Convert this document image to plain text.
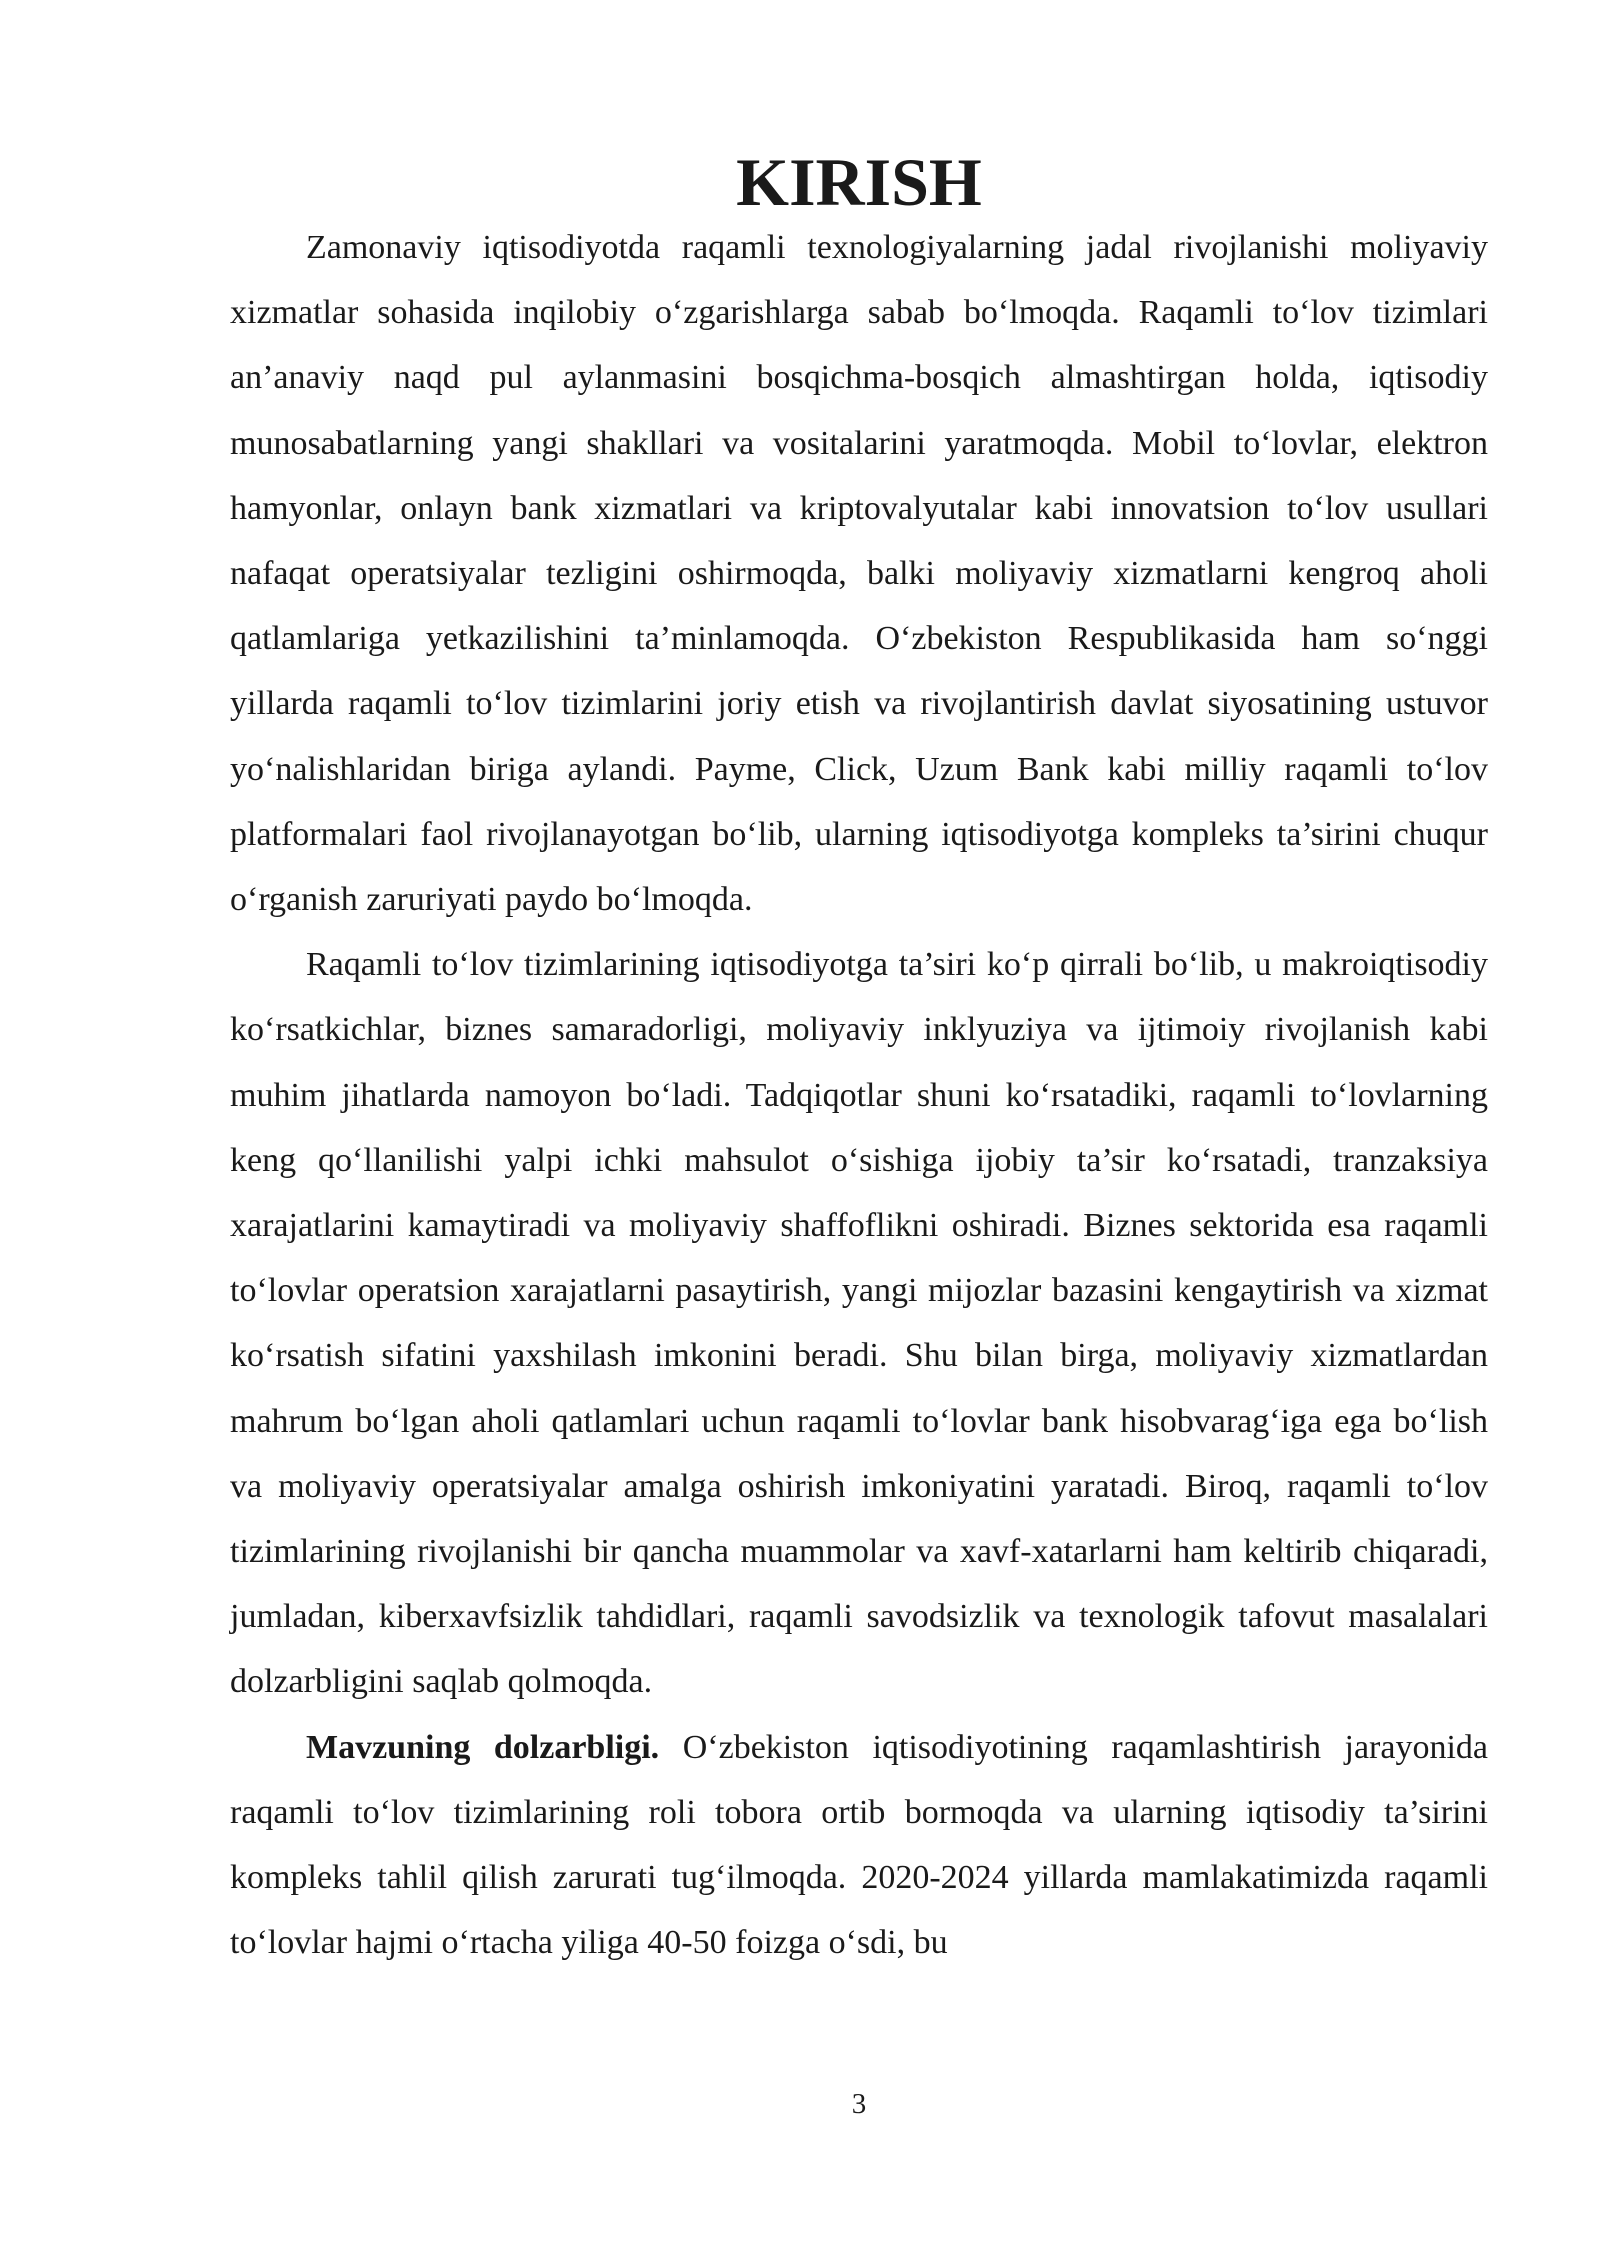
KIRISH

Zamonaviy iqtisodiyotda raqamli texnologiyalarning jadal rivojlanishi moliyaviy xizmatlar sohasida inqilobiy o‘zgarishlarga sabab bo‘lmoqda. Raqamli to‘lov tizimlari an’anaviy naqd pul aylanmasini bosqichma-bosqich almashtirgan holda, iqtisodiy munosabatlarning yangi shakllari va vositalarini yaratmoqda. Mobil to‘lovlar, elektron hamyonlar, onlayn bank xizmatlari va kriptovalyutalar kabi innovatsion to‘lov usullari nafaqat operatsiyalar tezligini oshirmoqda, balki moliyaviy xizmatlarni kengroq aholi qatlamlariga yetkazilishini ta’minlamoqda. O‘zbekiston Respublikasida ham so‘nggi yillarda raqamli to‘lov tizimlarini joriy etish va rivojlantirish davlat siyosatining ustuvor yo‘nalishlaridan biriga aylandi. Payme, Click, Uzum Bank kabi milliy raqamli to‘lov platformalari faol rivojlanayotgan bo‘lib, ularning iqtisodiyotga kompleks ta’sirini chuqur o‘rganish zaruriyati paydo bo‘lmoqda.

Raqamli to‘lov tizimlarining iqtisodiyotga ta’siri ko‘p qirrali bo‘lib, u makroiqtisodiy ko‘rsatkichlar, biznes samaradorligi, moliyaviy inklyuziya va ijtimoiy rivojlanish kabi muhim jihatlarda namoyon bo‘ladi. Tadqiqotlar shuni ko‘rsatadiki, raqamli to‘lovlarning keng qo‘llanilishi yalpi ichki mahsulot o‘sishiga ijobiy ta’sir ko‘rsatadi, tranzaksiya xarajatlarini kamaytiradi va moliyaviy shaffoflikni oshiradi. Biznes sektorida esa raqamli to‘lovlar operatsion xarajatlarni pasaytirish, yangi mijozlar bazasini kengaytirish va xizmat ko‘rsatish sifatini yaxshilash imkonini beradi. Shu bilan birga, moliyaviy xizmatlardan mahrum bo‘lgan aholi qatlamlari uchun raqamli to‘lovlar bank hisobvarag‘iga ega bo‘lish va moliyaviy operatsiyalar amalga oshirish imkoniyatini yaratadi. Biroq, raqamli to‘lov tizimlarining rivojlanishi bir qancha muammolar va xavf-xatarlarni ham keltirib chiqaradi, jumladan, kiberxavfsizlik tahdidlari, raqamli savodsizlik va texnologik tafovut masalalari dolzarbligini saqlab qolmoqda.

Mavzuning dolzarbligi. O‘zbekiston iqtisodiyotining raqamlashtirish jarayonida raqamli to‘lov tizimlarining roli tobora ortib bormoqda va ularning iqtisodiy ta’sirini kompleks tahlil qilish zarurati tug‘ilmoqda. 2020-2024 yillarda mamlakatimizda raqamli to‘lovlar hajmi o‘rtacha yiliga 40-50 foizga o‘sdi, bu

3
